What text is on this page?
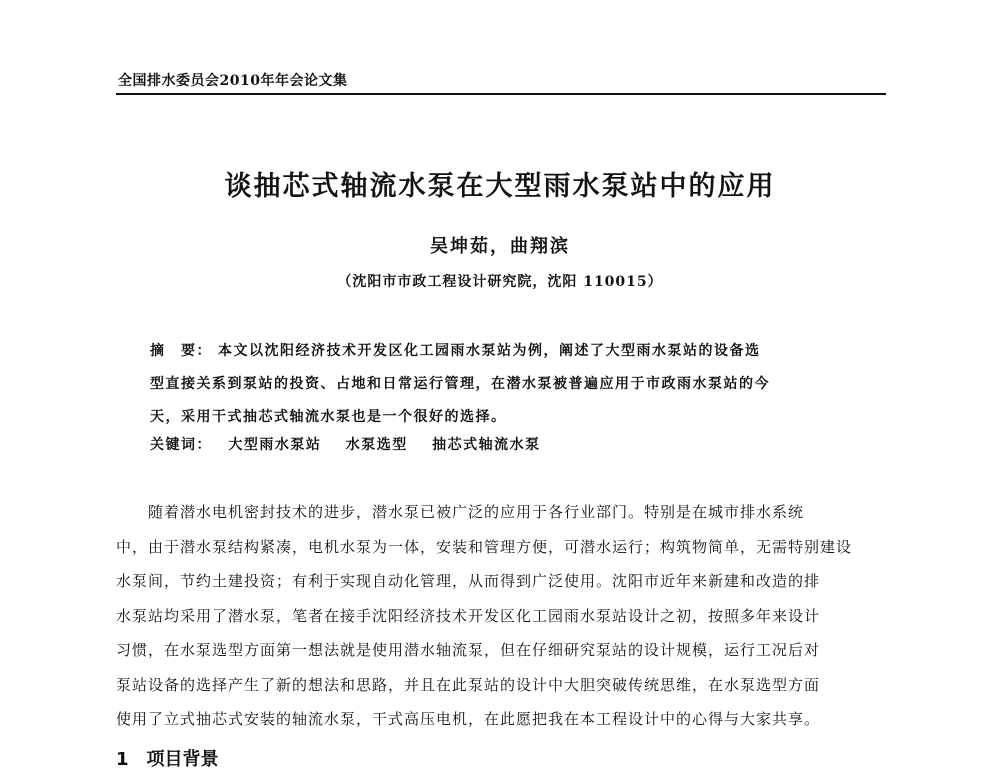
全国排水委员会2010年年会论文集
谈抽芯式轴流水泵在大型雨水泵站中的应用
吴坤茹，曲翔滨
（沈阳市市政工程设计研究院，沈阳 110015）
摘　要： 本文以沈阳经济技术开发区化工园雨水泵站为例，阐述了大型雨水泵站的设备选
型直接关系到泵站的投资、占地和日常运行管理，在潜水泵被普遍应用于市政雨水泵站的今
天，采用干式抽芯式轴流水泵也是一个很好的选择。
关键词： 大型雨水泵站 水泵选型 抽芯式轴流水泵
随着潜水电机密封技术的进步，潜水泵已被广泛的应用于各行业部门。特别是在城市排水系统
中，由于潜水泵结构紧凑，电机水泵为一体，安装和管理方便，可潜水运行；构筑物简单，无需特别建设
水泵间，节约土建投资；有利于实现自动化管理，从而得到广泛使用。沈阳市近年来新建和改造的排
水泵站均采用了潜水泵，笔者在接手沈阳经济技术开发区化工园雨水泵站设计之初，按照多年来设计
习惯，在水泵选型方面第一想法就是使用潜水轴流泵，但在仔细研究泵站的设计规模，运行工况后对
泵站设备的选择产生了新的想法和思路，并且在此泵站的设计中大胆突破传统思维，在水泵选型方面
使用了立式抽芯式安装的轴流水泵，干式高压电机，在此愿把我在本工程设计中的心得与大家共享。
1 项目背景
